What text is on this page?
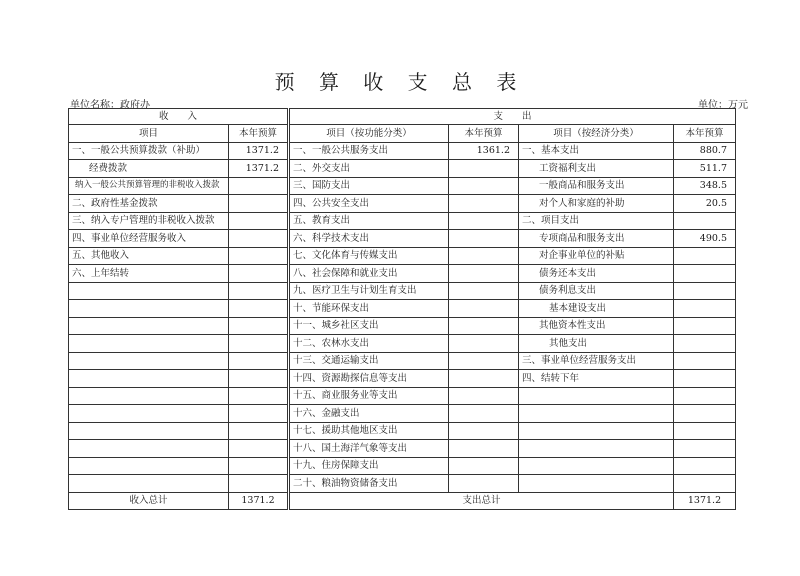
预 算 收 支 总 表
单位名称：政府办	单位：万元
收　　入		支　　出			
项目	本年预算	项目（按功能分类）	本年预算	项目（按经济分类）	本年预算
一、一般公共预算拨款（补助）	1371.2	一、一般公共服务支出	1361.2	一、基本支出	880.7
经费拨款	1371.2	二、外交支出		工资福利支出	511.7
纳入一般公共预算管理的非税收入拨款		三、国防支出		一般商品和服务支出	348.5
二、政府性基金拨款		四、公共安全支出		对个人和家庭的补助	20.5
三、纳入专户管理的非税收入拨款		五、教育支出		二、项目支出	
四、事业单位经营服务收入		六、科学技术支出		专项商品和服务支出	490.5
五、其他收入		七、文化体育与传媒支出		对企事业单位的补贴	
六、上年结转		八、社会保障和就业支出		债务还本支出	
		九、医疗卫生与计划生育支出		债务利息支出	
		十、节能环保支出		基本建设支出	
		十一、城乡社区支出		其他资本性支出	
		十二、农林水支出		其他支出	
		十三、交通运输支出		三、事业单位经营服务支出	
		十四、资源勘探信息等支出		四、结转下年	
		十五、商业服务业等支出			
		十六、金融支出			
		十七、援助其他地区支出			
		十八、国土海洋气象等支出			
		十九、住房保障支出			
		二十、粮油物资储备支出			
收入总计	1371.2	支出总计			1371.2
